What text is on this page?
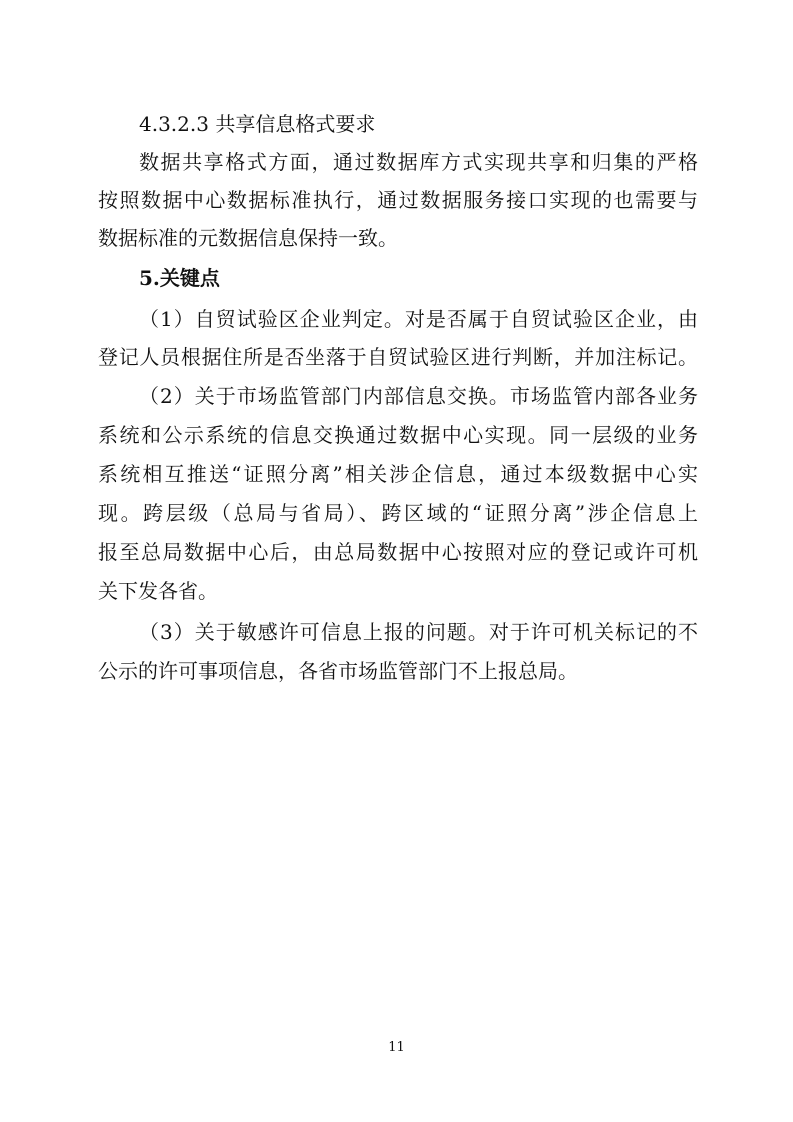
4.3.2.3 共享信息格式要求
数据共享格式方面，通过数据库方式实现共享和归集的严格
按照数据中心数据标准执行，通过数据服务接口实现的也需要与
数据标准的元数据信息保持一致。
5.关键点
（1）自贸试验区企业判定。对是否属于自贸试验区企业，由
登记人员根据住所是否坐落于自贸试验区进行判断，并加注标记。
（2）关于市场监管部门内部信息交换。市场监管内部各业务
系统和公示系统的信息交换通过数据中心实现。同一层级的业务
系统相互推送“证照分离”相关涉企信息，通过本级数据中心实
现。跨层级（总局与省局）、跨区域的“证照分离”涉企信息上
报至总局数据中心后，由总局数据中心按照对应的登记或许可机
关下发各省。
（3）关于敏感许可信息上报的问题。对于许可机关标记的不
公示的许可事项信息，各省市场监管部门不上报总局。
11
